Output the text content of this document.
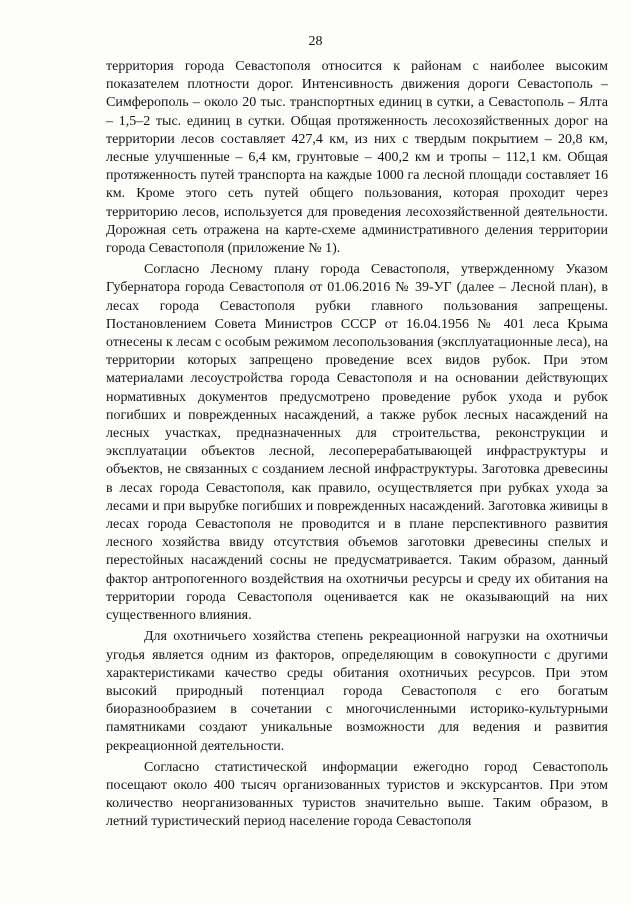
28

территория города Севастополя относится к районам с наиболее высоким показателем плотности дорог. Интенсивность движения дороги Севастополь – Симферополь – около 20 тыс. транспортных единиц в сутки, а Севастополь – Ялта – 1,5–2 тыс. единиц в сутки. Общая протяженность лесохозяйственных дорог на территории лесов составляет 427,4 км, из них с твердым покрытием – 20,8 км, лесные улучшенные – 6,4 км, грунтовые – 400,2 км и тропы – 112,1 км. Общая протяженность путей транспорта на каждые 1000 га лесной площади составляет 16 км. Кроме этого сеть путей общего пользования, которая проходит через территорию лесов, используется для проведения лесохозяйственной деятельности. Дорожная сеть отражена на карте-схеме административного деления территории города Севастополя (приложение № 1).

Согласно Лесному плану города Севастополя, утвержденному Указом Губернатора города Севастополя от 01.06.2016 № 39-УГ (далее – Лесной план), в лесах города Севастополя рубки главного пользования запрещены. Постановлением Совета Министров СССР от 16.04.1956 № 401 леса Крыма отнесены к лесам с особым режимом лесопользования (эксплуатационные леса), на территории которых запрещено проведение всех видов рубок. При этом материалами лесоустройства города Севастополя и на основании действующих нормативных документов предусмотрено проведение рубок ухода и рубок погибших и поврежденных насаждений, а также рубок лесных насаждений на лесных участках, предназначенных для строительства, реконструкции и эксплуатации объектов лесной, лесоперерабатывающей инфраструктуры и объектов, не связанных с созданием лесной инфраструктуры. Заготовка древесины в лесах города Севастополя, как правило, осуществляется при рубках ухода за лесами и при вырубке погибших и поврежденных насаждений. Заготовка живицы в лесах города Севастополя не проводится и в плане перспективного развития лесного хозяйства ввиду отсутствия объемов заготовки древесины спелых и перестойных насаждений сосны не предусматривается. Таким образом, данный фактор антропогенного воздействия на охотничьи ресурсы и среду их обитания на территории города Севастополя оценивается как не оказывающий на них существенного влияния.

Для охотничьего хозяйства степень рекреационной нагрузки на охотничьи угодья является одним из факторов, определяющим в совокупности с другими характеристиками качество среды обитания охотничьих ресурсов. При этом высокий природный потенциал города Севастополя с его богатым биоразнообразием в сочетании с многочисленными историко-культурными памятниками создают уникальные возможности для ведения и развития рекреационной деятельности.

Согласно статистической информации ежегодно город Севастополь посещают около 400 тысяч организованных туристов и экскурсантов. При этом количество неорганизованных туристов значительно выше. Таким образом, в летний туристический период население города Севастополя
